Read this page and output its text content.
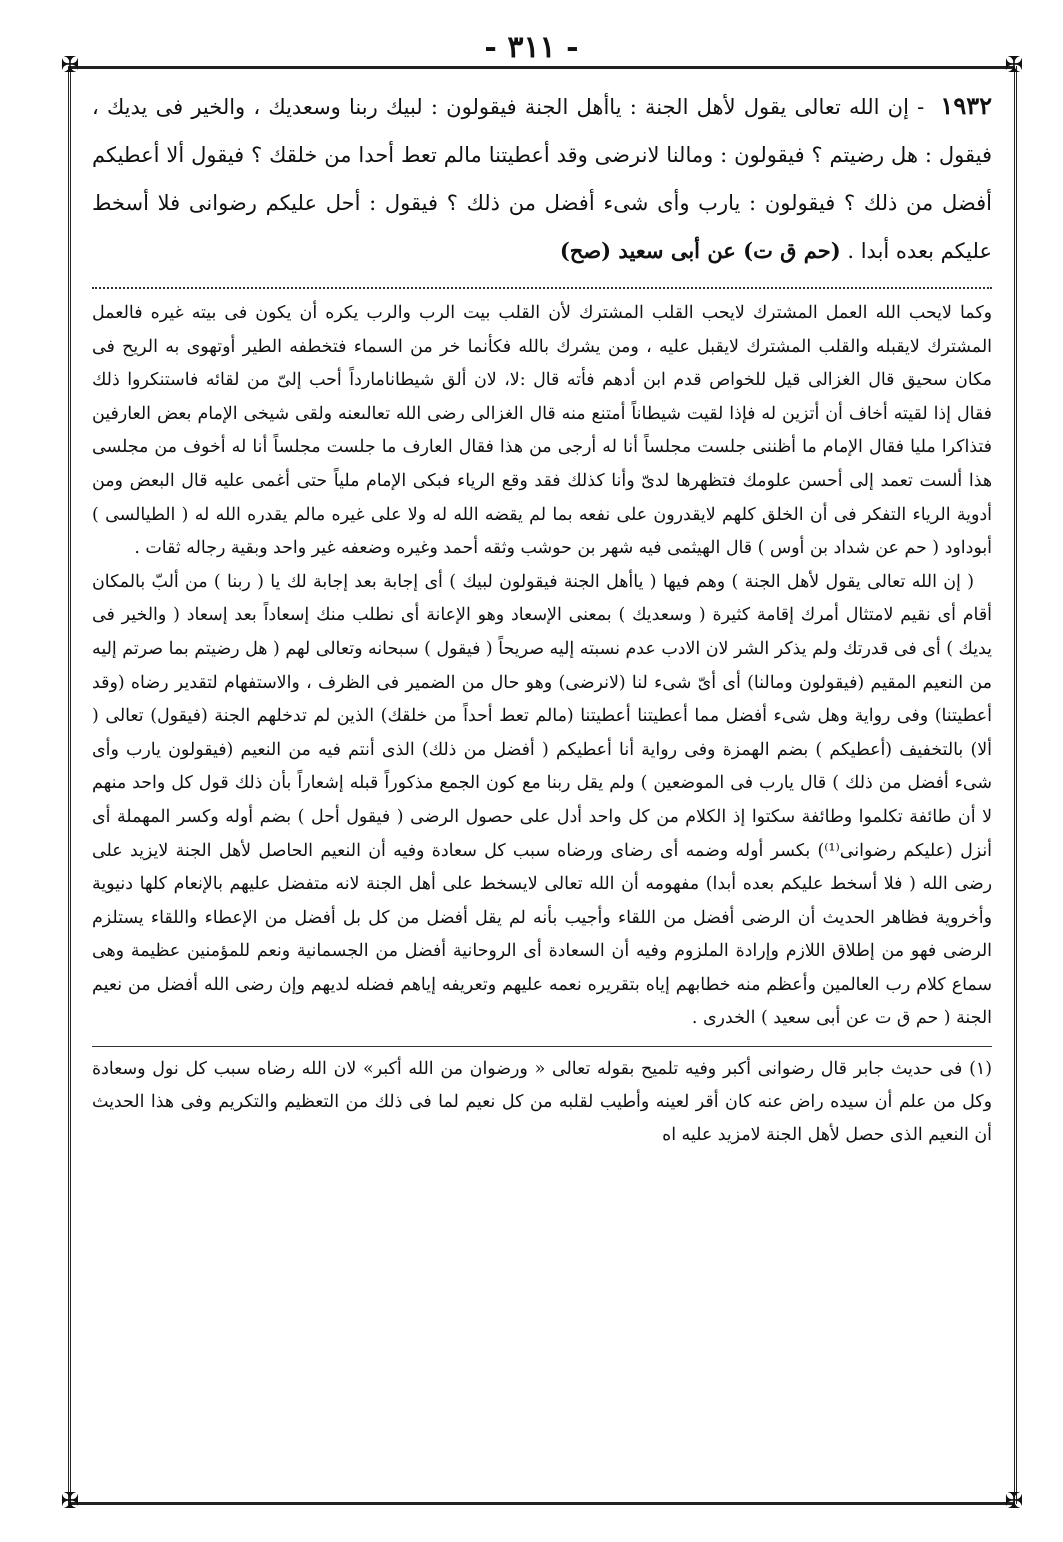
- ٣١١ -
✠	✠
✠	✠

١٩٣٢ - إن الله تعالى يقول لأهل الجنة : ياأهل الجنة فيقولون : لبيك ربنا وسعديك ، والخير فى يديك ، فيقول : هل رضيتم ؟ فيقولون : ومالنا لانرضى وقد أعطيتنا مالم تعط أحدا من خلقك ؟ فيقول ألا أعطيكم أفضل من ذلك ؟ فيقولون : يارب وأى شىء أفضل من ذلك ؟ فيقول : أحل عليكم رضوانى فلا أسخط عليكم بعده أبدا . (حم ق ت) عن أبى سعيد (صح)

وكما لايحب الله العمل المشترك لايحب القلب المشترك لأن القلب بيت الرب والرب يكره أن يكون فى بيته غيره فالعمل المشترك لايقبله والقلب المشترك لايقبل عليه ، ومن يشرك بالله فكأنما خر من السماء فتخطفه الطير أوتهوى به الريح فى مكان سحيق قال الغزالى قيل للخواص قدم ابن أدهم فأته قال :لا، لان ألق شيطانامارداً أحب إلىّ من لقائه فاستنكروا ذلك فقال إذا لقيته أخاف أن أتزين له فإذا لقيت شيطاناً أمتنع منه قال الغزالى رضى الله تعالىعنه ولقى شيخى الإمام بعض العارفين فتذاكرا مليا فقال الإمام ما أظننى جلست مجلساً أنا له أرجى من هذا فقال العارف ما جلست مجلساً أنا له أخوف من مجلسى هذا ألست تعمد إلى أحسن علومك فتظهرها لدىّ وأنا كذلك فقد وقع الرياء فبكى الإمام ملياً حتى أغمى عليه قال البعض ومن أدوية الرياء التفكر فى أن الخلق كلهم لايقدرون على نفعه بما لم يقضه الله له ولا على غيره مالم يقدره الله له ( الطيالسى ) أبوداود ( حم عن شداد بن أوس ) قال الهيثمى فيه شهر بن حوشب وثقه أحمد وغيره وضعفه غير واحد وبقية رجاله ثقات .

( إن الله تعالى يقول لأهل الجنة ) وهم فيها ( ياأهل الجنة فيقولون لبيك ) أى إجابة بعد إجابة لك يا ( ربنا ) من ألبّ بالمكان أقام أى نقيم لامتثال أمرك إقامة كثيرة ( وسعديك ) بمعنى الإسعاد وهو الإعانة أى نطلب منك إسعاداً بعد إسعاد ( والخير فى يديك ) أى فى قدرتك ولم يذكر الشر لان الادب عدم نسبته إليه صريحاً ( فيقول ) سبحانه وتعالى لهم ( هل رضيتم بما صرتم إليه من النعيم المقيم (فيقولون ومالنا) أى أىّ شىء لنا (لانرضى) وهو حال من الضمير فى الظرف ، والاستفهام لتقدير رضاه (وقد أعطيتنا) وفى رواية وهل شىء أفضل مما أعطيتنا أعطيتنا (مالم تعط أحداً من خلقك) الذين لم تدخلهم الجنة (فيقول) تعالى ( ألا) بالتخفيف (أعطيكم ) بضم الهمزة وفى رواية أنا أعطيكم ( أفضل من ذلك) الذى أنتم فيه من النعيم (فيقولون يارب وأى شىء أفضل من ذلك ) قال يارب فى الموضعين ) ولم يقل ربنا مع كون الجمع مذكوراً قبله إشعاراً بأن ذلك قول كل واحد منهم لا أن طائفة تكلموا وطائفة سكتوا إذ الكلام من كل واحد أدل على حصول الرضى ( فيقول أحل ) بضم أوله وكسر المهملة أى أنزل (عليكم رضوانى⁽¹⁾) بكسر أوله وضمه أى رضاى ورضاه سبب كل سعادة وفيه أن النعيم الحاصل لأهل الجنة لايزيد على رضى الله ( فلا أسخط عليكم بعده أبدا) مفهومه أن الله تعالى لايسخط على أهل الجنة لانه متفضل عليهم بالإنعام كلها دنيوية وأخروية فظاهر الحديث أن الرضى أفضل من اللقاء وأجيب بأنه لم يقل أفضل من كل بل أفضل من الإعطاء واللقاء يستلزم الرضى فهو من إطلاق اللازم وإرادة الملزوم وفيه أن السعادة أى الروحانية أفضل من الجسمانية ونعم للمؤمنين عظيمة وهى سماع كلام رب العالمين وأعظم منه خطابهم إياه بتقريره نعمه عليهم وتعريفه إياهم فضله لديهم وإن رضى الله أفضل من نعيم الجنة ( حم ق ت عن أبى سعيد ) الخدرى .

(١) فى حديث جابر قال رضوانى أكبر وفيه تلميح بقوله تعالى « ورضوان من الله أكبر» لان الله رضاه سبب كل نول وسعادة وكل من علم أن سيده راض عنه كان أقر لعينه وأطيب لقلبه من كل نعيم لما فى ذلك من التعظيم والتكريم وفى هذا الحديث أن النعيم الذى حصل لأهل الجنة لامزيد عليه اه
